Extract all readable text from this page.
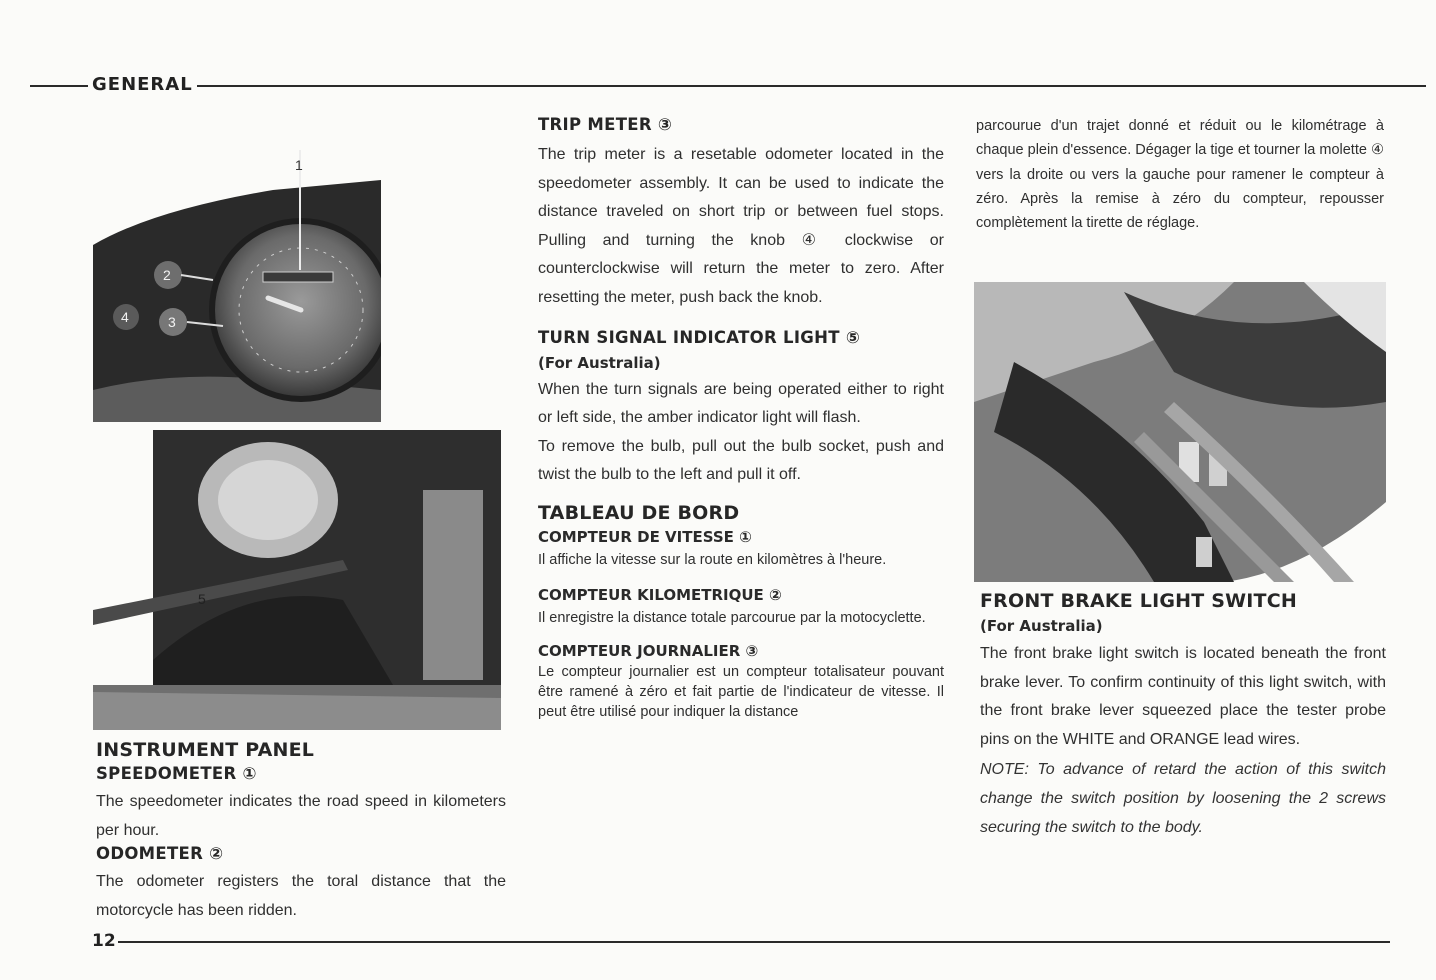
GENERAL
1
2
3
4
5
INSTRUMENT PANEL
SPEEDOMETER ①
The speedometer indicates the road speed in kilometers per hour.
ODOMETER ②
The odometer registers the toral distance that the motorcycle has been ridden.
TRIP METER ③
The trip meter is a resetable odometer located in the speedometer assembly. It can be used to indicate the distance traveled on short trip or between fuel stops. Pulling and turning the knob ④ clockwise or counterclockwise will return the meter to zero. After resetting the meter, push back the knob.
TURN SIGNAL INDICATOR LIGHT ⑤
(For Australia)
When the turn signals are being operated either to right or left side, the amber indicator light will flash.
To remove the bulb, pull out the bulb socket, push and twist the bulb to the left and pull it off.
TABLEAU DE BORD
COMPTEUR DE VITESSE ①
Il affiche la vitesse sur la route en kilomètres à l'heure.
COMPTEUR KILOMETRIQUE ②
Il enregistre la distance totale parcourue par la motocyclette.
COMPTEUR JOURNALIER ③
Le compteur journalier est un compteur totalisateur pouvant être ramené à zéro et fait partie de l'indicateur de vitesse. Il peut être utilisé pour indiquer la distance
parcourue d'un trajet donné et réduit ou le kilométrage à chaque plein d'essence. Dégager la tige et tourner la molette ④ vers la droite ou vers la gauche pour ramener le compteur à zéro. Après la remise à zéro du compteur, repousser complètement la tirette de réglage.
FRONT BRAKE LIGHT SWITCH
(For Australia)
The front brake light switch is located beneath the front brake lever. To confirm continuity of this light switch, with the front brake lever squeezed place the tester probe pins on the WHITE and ORANGE lead wires.
NOTE: To advance of retard the action of this switch change the switch position by loosening the 2 screws securing the switch to the body.
12
